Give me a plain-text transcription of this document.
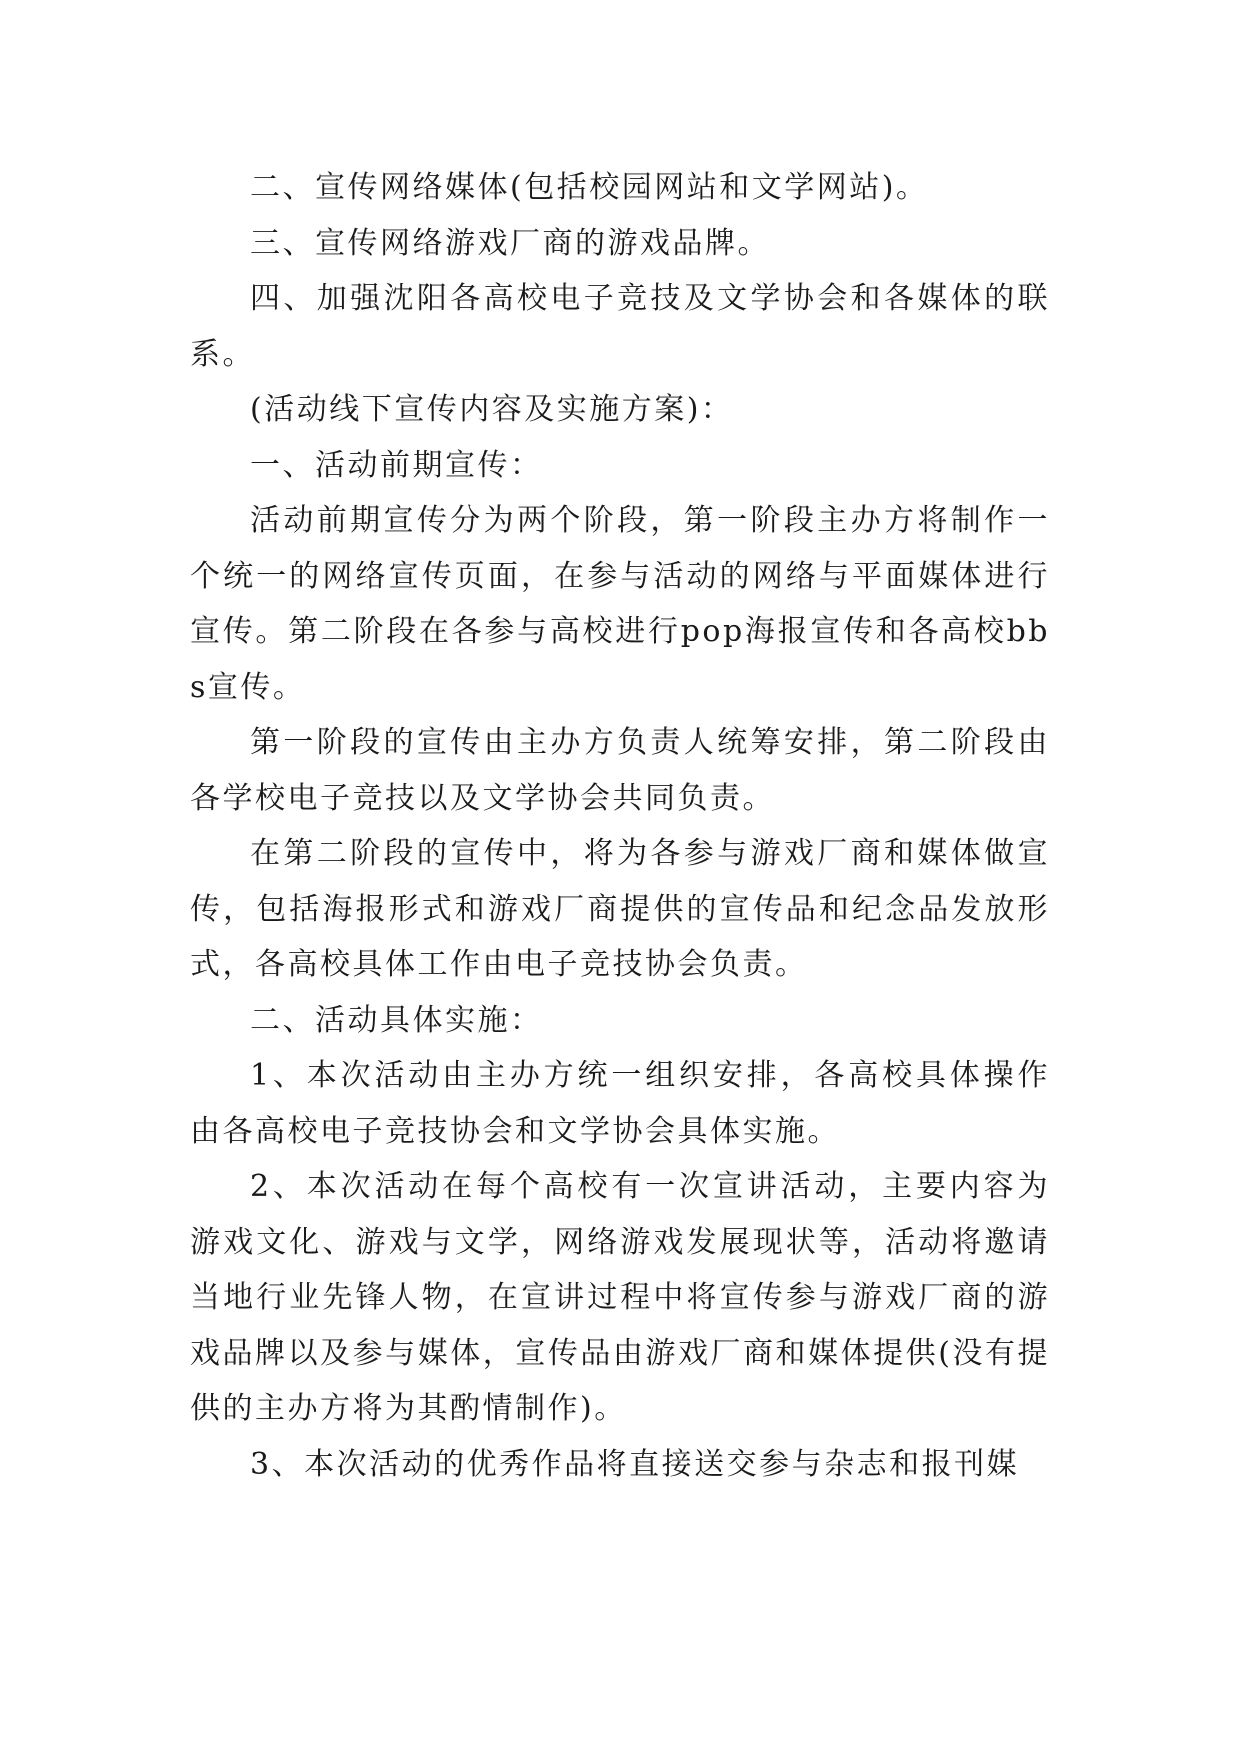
二、宣传网络媒体(包括校园网站和文学网站)。

三、宣传网络游戏厂商的游戏品牌。

四、加强沈阳各高校电子竞技及文学协会和各媒体的联系。

(活动线下宣传内容及实施方案)：

一、活动前期宣传：

活动前期宣传分为两个阶段，第一阶段主办方将制作一个统一的网络宣传页面，在参与活动的网络与平面媒体进行宣传。第二阶段在各参与高校进行pop海报宣传和各高校bbs宣传。

第一阶段的宣传由主办方负责人统筹安排，第二阶段由各学校电子竞技以及文学协会共同负责。

在第二阶段的宣传中，将为各参与游戏厂商和媒体做宣传，包括海报形式和游戏厂商提供的宣传品和纪念品发放形式，各高校具体工作由电子竞技协会负责。

二、活动具体实施：

1、本次活动由主办方统一组织安排，各高校具体操作由各高校电子竞技协会和文学协会具体实施。

2、本次活动在每个高校有一次宣讲活动，主要内容为游戏文化、游戏与文学，网络游戏发展现状等，活动将邀请当地行业先锋人物，在宣讲过程中将宣传参与游戏厂商的游戏品牌以及参与媒体，宣传品由游戏厂商和媒体提供(没有提供的主办方将为其酌情制作)。

3、本次活动的优秀作品将直接送交参与杂志和报刊媒
